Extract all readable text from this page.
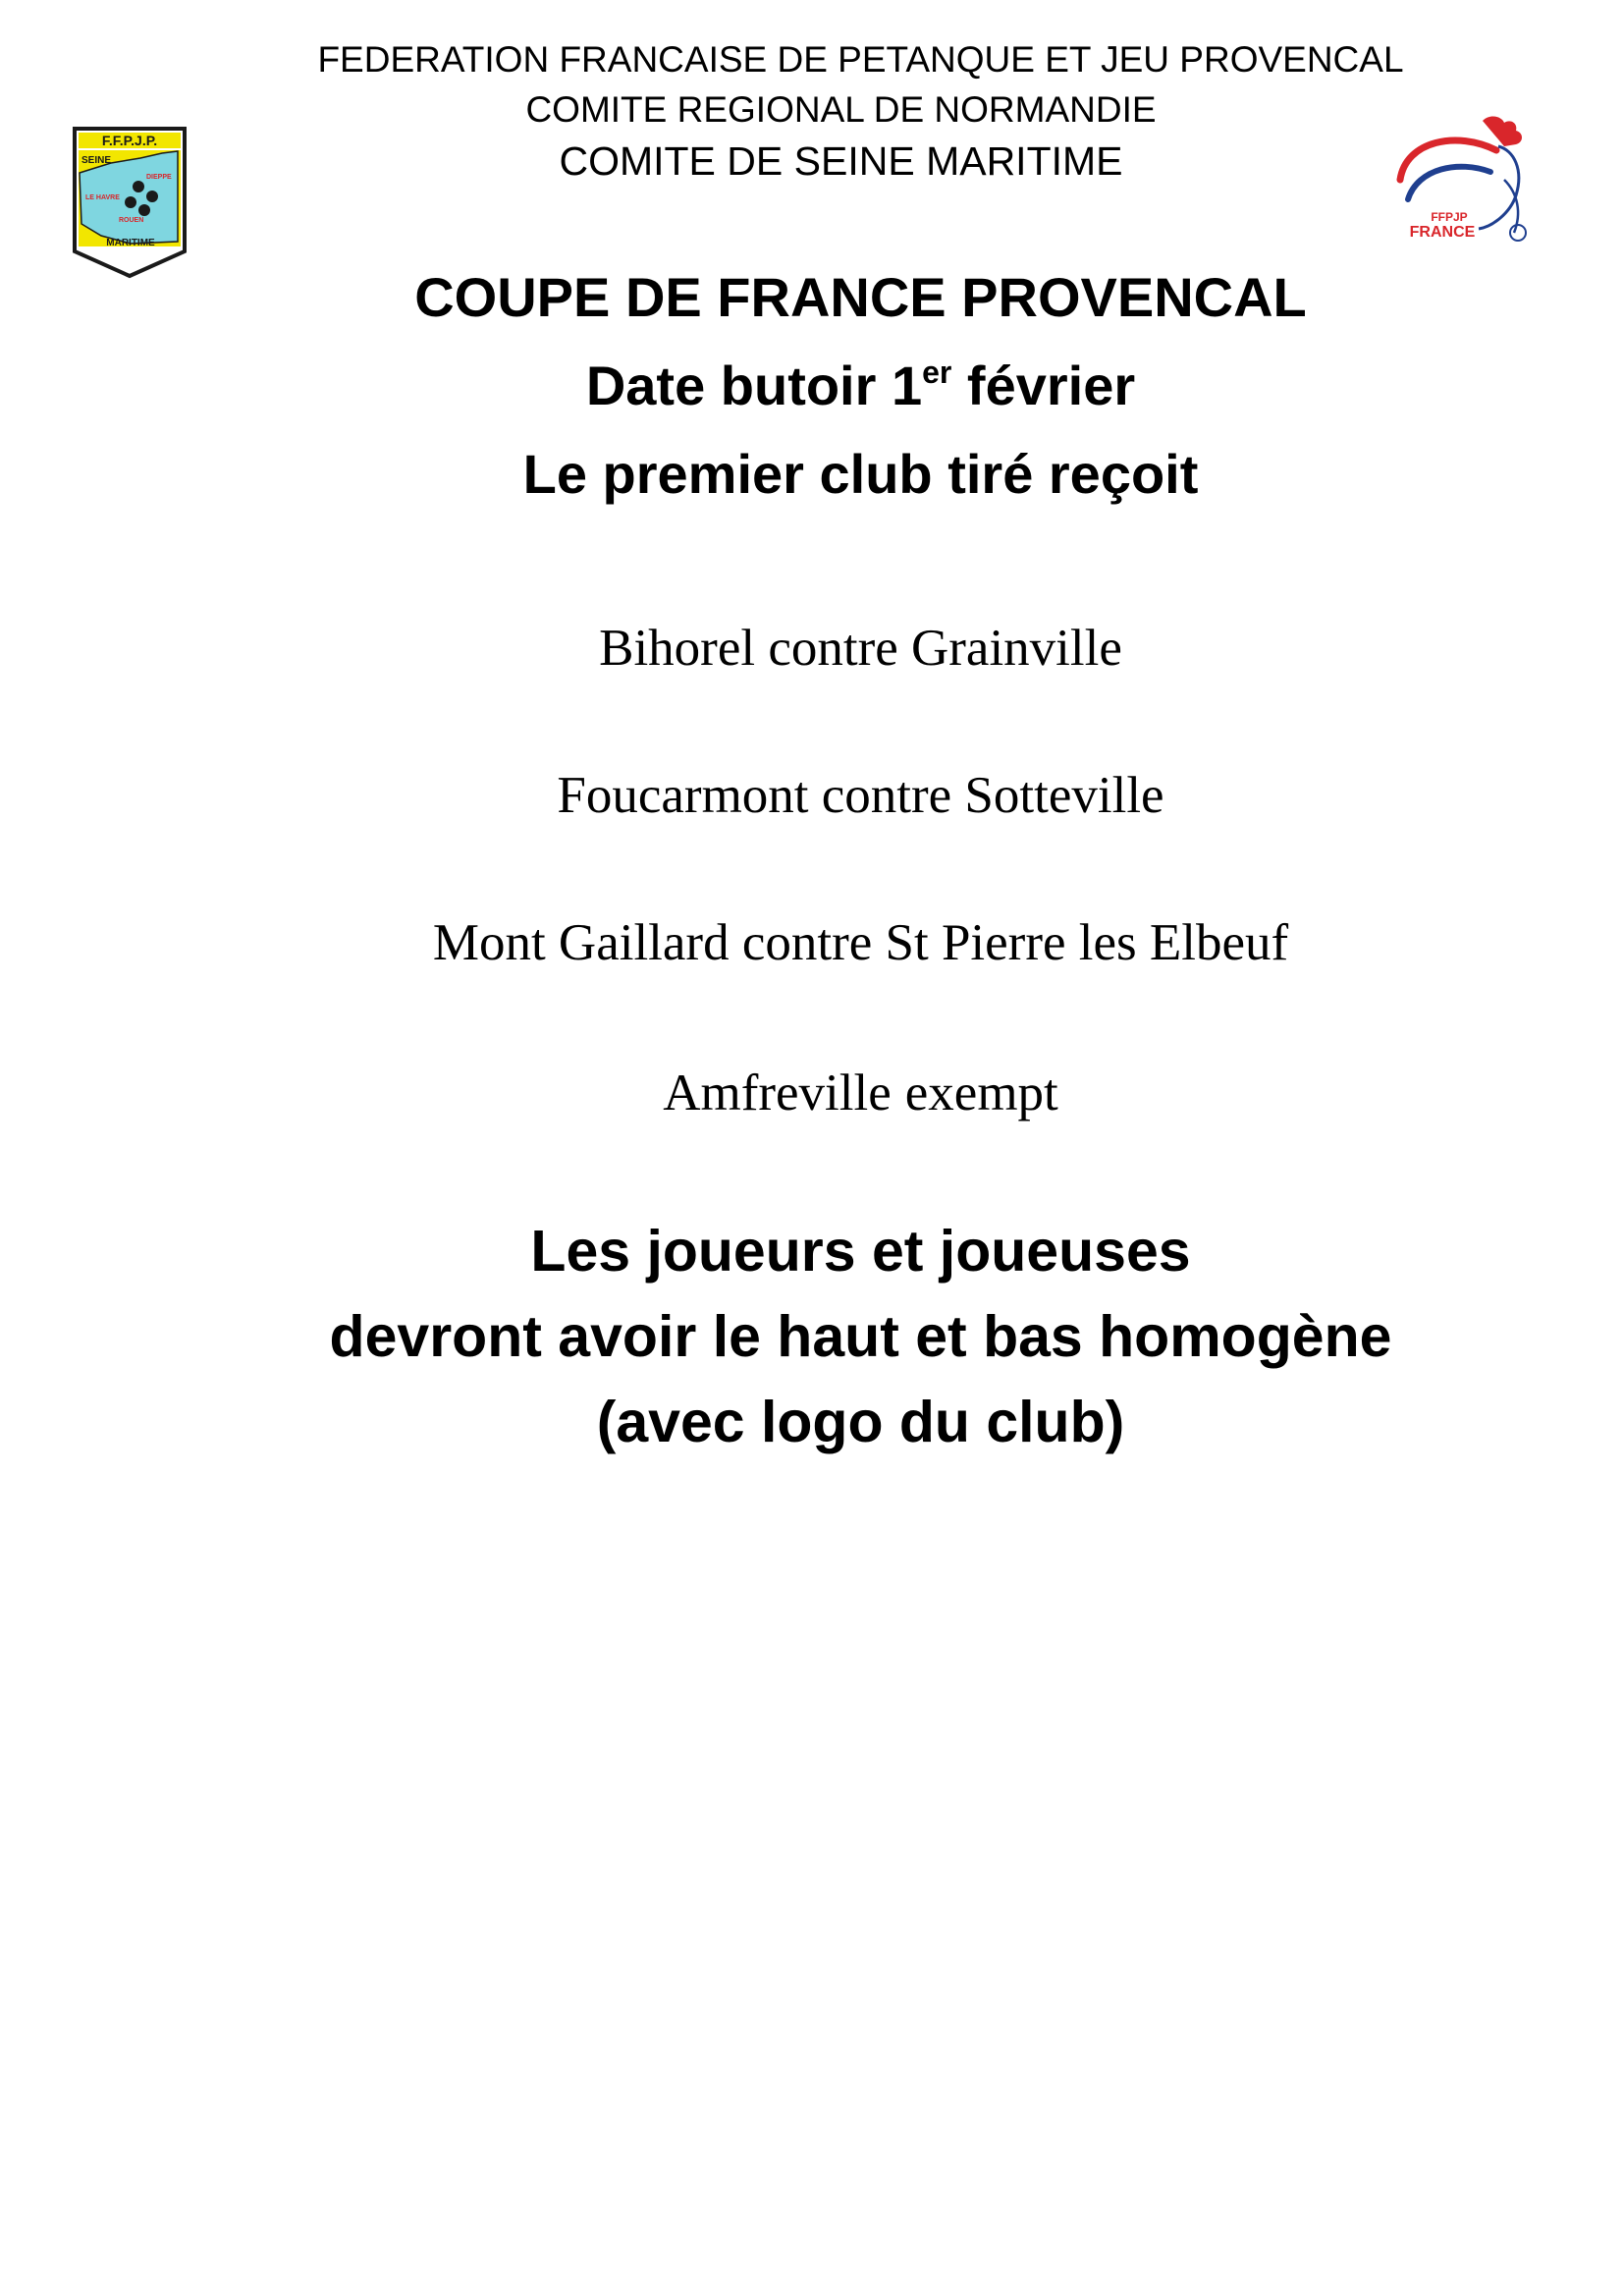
F.F.P.J.P.
SEINE
DIEPPE
LE HAVRE
ROUEN
MARITIME
FFPJP
FRANCE
FEDERATION FRANCAISE DE PETANQUE ET JEU PROVENCAL
COMITE REGIONAL DE NORMANDIE
COMITE DE SEINE MARITIME
COUPE DE FRANCE PROVENCAL
Date butoir 1er février
Le premier club tiré reçoit
Bihorel contre Grainville
Foucarmont contre Sotteville
Mont Gaillard contre St Pierre les Elbeuf
Amfreville exempt
Les joueurs et joueuses
devront avoir le haut et bas homogène
(avec logo du club)
